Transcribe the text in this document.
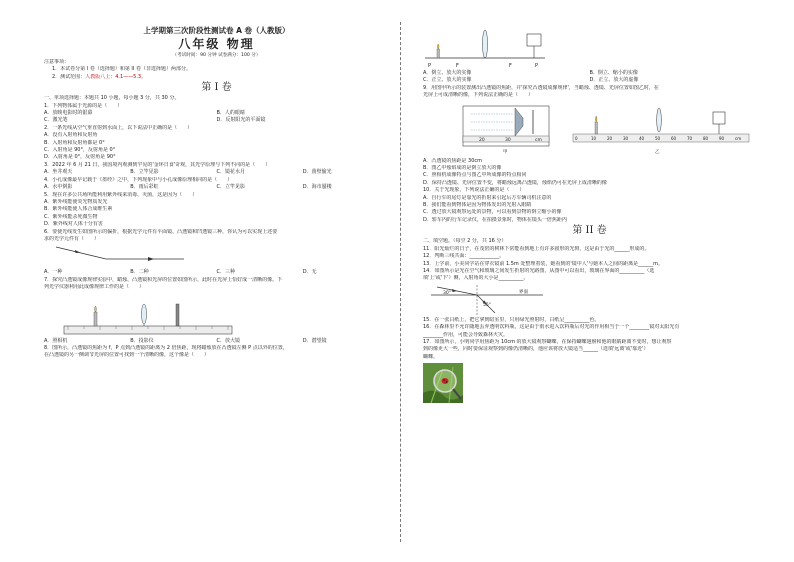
上学期第三次阶段性测试卷 A 卷（人教版）
八年级 物理
（考试时间：90 分钟 试卷满分：100 分）
注意事项：
1．本试卷分第 I 卷（选择题）和第 II 卷（非选择题）两部分。
2．测试范围：人教版八上：4.1——5.3。
第 I 卷
一、单项选择题：本题共 10 小题，每小题 3 分，共 30 分。
1．下列物体属于光源的是（　　）
A．放映电影时的银幕	B．人的眼睛
C．激光笔	D．反射阳光的平面镜
2．一条光线从空气垂直射到水面上，以下说法中正确的是（　　）
A．没有入射角和反射角
B．入射角和反射角都是 0°
C．入射角是 90°，反射角是 0°
D．入射角是 0°，反射角是 90°
3．2022 年 6 月 21 日，我国境内观测到罕见的'金环日食'奇观，其光学原理与下列不同的是（　　）
A．坐井观天	B．立竿见影	C．镜花水月	D．凿壁偷光
4．小孔成像最早记载于《墨经》之中，下列现象中与小孔成像原理相同的是（　　）
A．水中倒影	B．雨后彩虹	C．立竿见影	D．海市蜃楼
5．现在许多公共场所能利用紫外线来消毒、灭菌，这是因为（　　）
A．紫外线能使荧光物质发光
B．紫外线能使人体合成维生素
C．紫外线能杀死微生物
D．紫外线对人体十分有害
6．要使光线发生如图所示的偏折，根据光学元件有平面镜、凸透镜和凹透镜三种，你认为可以实现上述要
求的光学元件有（　　）
A．一种	B．二种	C．三种	D．无
7．探究凸透镜成像规律实验中，蜡烛、凸透镜和光屏的位置如图所示，此时在光屏上恰好成一清晰的像。下
列光学仪器利用此成像规律工作的是（　　）
A．照相机	B．投影仪	C．放大镜	D．潜望镜
8．图所示，凸透镜的焦距为 f，P 点到凸透镜的距离为 2 倍焦距，现将蜡烛放在凸透镜左侧 P 点以外的位置，
在凸透镜的另一侧调节光屏的位置可找到一个清晰的像，这个像是（　　）
P	F	F	P
A．倒立、放大的实像	B．倒立、缩小的实像
C．正立、放大的实像	D．正立、放大的虚像
9．用图甲所示的装置测出凸透镜的焦距，并'探究凸透镜成像规律'，当蜡烛、透镜、光屏位置如图乙时，在
光屏上可成清晰的像，下列说法正确的是（　　）
20	30	cm
甲
0	10	20	30	40	50	60	70	80	90	cm
乙
A．凸透镜的焦距是 30cm
B．图乙中烛焰成的是倒立放大的像
C．照相机成像特点与图乙中所成像的特点相同
D．保持凸透镜、光屏位置不变，将蜡烛远离凸透镜，烛焰仍可在光屏上成清晰的像
10．关于光现象，下列说法正确的是（　　）
A．自行车的尾灯是靠光的折射来引起后方车辆司机注意的
B．我们能看到物体是因为物体发出的光射入眼睛
C．透过放大镜观察远处的景物，可以看到景物的倒立缩小的像
D．轿车内的行车记录仪，在拍摄景象时，物体在镜头一倍焦距内
第 II 卷
二、填空题。（每空 2 分，共 16 分）
11．阳光灿烂的日子，在茂密的树林下常能看到地上有许多圆形的光斑，这是由于光的______形成的。
12．判断三线共面：____________。
13．上学前，小美同学站在穿衣镜前 1.5m 处整理着装，她看到的'镜中人'与她本人之间的距离是______m。
14．如图所示是光在空气和玻璃之间发生折射的光路图，从图中可以看出，玻璃在界面的__________（选
填'上'或'下'）侧，入射角的大小是__________。
30°
55°
界面
15．在一张白纸上，把它拿到暗室里，只用绿光照射时，白纸呈__________色。
16．在森林里不允许随地丢弃透明饮料瓶，这是由于雨水进入饮料瓶后对光的作用相当于一个________镜对太阳光有
________作用，可能会导致森林火灾。
17．如图所示，小明同学用焦距为 10cm 的放大镜观察蝴蝶，在保持蝴蝶翅膀和他的眼睛距离不变时，想让观察
到的像更大一些，同时要保证观察到的像仍清晰的，他应该将放大镜适当______（选填'远离'或'靠近'）
蝴蝶。
